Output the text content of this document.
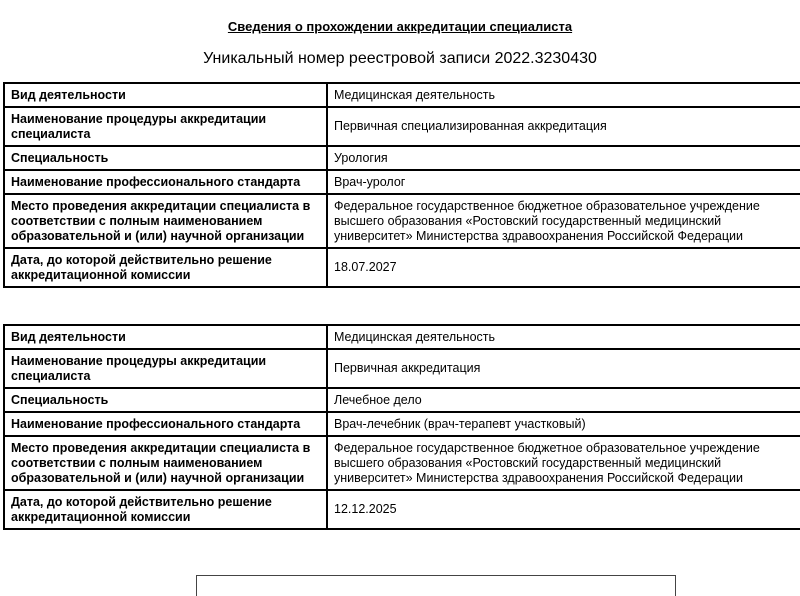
Сведения о прохождении аккредитации специалиста
Уникальный номер реестровой записи 2022.3230430
Вид деятельности	Медицинская деятельность
Наименование процедуры аккредитации специалиста	Первичная специализированная аккредитация
Специальность	Урология
Наименование профессионального стандарта	Врач-уролог
Место проведения аккредитации специалиста в соответствии с полным наименованием образовательной и (или) научной организации	Федеральное государственное бюджетное образовательное учреждение высшего образования «Ростовский государственный медицинский университет» Министерства здравоохранения Российской Федерации
Дата, до которой действительно решение аккредитационной комиссии	18.07.2027
Вид деятельности	Медицинская деятельность
Наименование процедуры аккредитации специалиста	Первичная аккредитация
Специальность	Лечебное дело
Наименование профессионального стандарта	Врач-лечебник (врач-терапевт участковый)
Место проведения аккредитации специалиста в соответствии с полным наименованием образовательной и (или) научной организации	Федеральное государственное бюджетное образовательное учреждение высшего образования «Ростовский государственный медицинский университет» Министерства здравоохранения Российской Федерации
Дата, до которой действительно решение аккредитационной комиссии	12.12.2025
